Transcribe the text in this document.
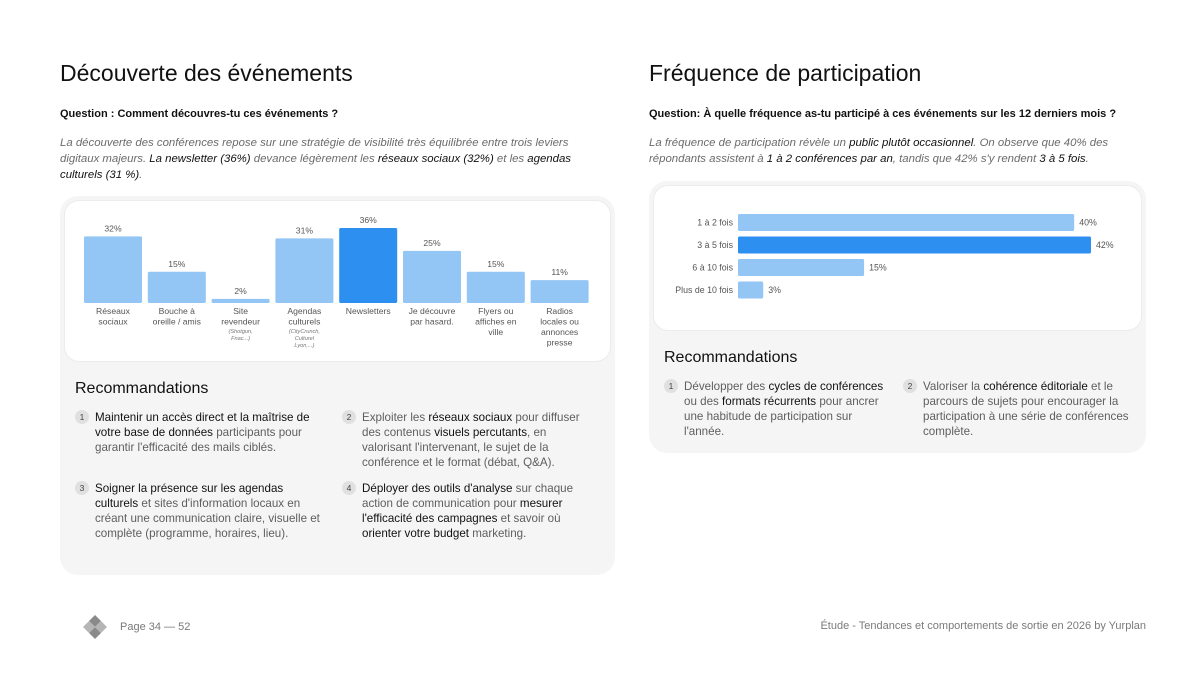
Découverte des événements

Question : Comment découvres-tu ces événements ?

La découverte des conférences repose sur une stratégie de visibilité très équilibrée entre trois leviers digitaux majeurs. La newsletter (36%) devance légèrement les réseaux sociaux (32%) et les agendas culturels (31 %).

32%
Réseaux
sociaux
15%
Bouche à
oreille / amis
2%
Site
revendeur
(Shotgun,
Fnac...)
31%
Agendas
culturels
(CityCrunch,
Culturel
Lyon,...)
36%
Newsletters
25%
Je découvre
par hasard.
15%
Flyers ou
affiches en
ville
11%
Radios
locales ou
annonces
presse

Recommandations

1 Maintenir un accès direct et la maîtrise de votre base de données participants pour garantir l'efficacité des mails ciblés.
2 Exploiter les réseaux sociaux pour diffuser des contenus visuels percutants, en valorisant l'intervenant, le sujet de la conférence et le format (débat, Q&A).
3 Soigner la présence sur les agendas culturels et sites d'information locaux en créant une communication claire, visuelle et complète (programme, horaires, lieu).
4 Déployer des outils d'analyse sur chaque action de communication pour mesurer l'efficacité des campagnes et savoir où orienter votre budget marketing.
Fréquence de participation

Question: À quelle fréquence as-tu participé à ces événements sur les 12 derniers mois ?

La fréquence de participation révèle un public plutôt occasionnel. On observe que 40% des répondants assistent à 1 à 2 conférences par an, tandis que 42% s'y rendent 3 à 5 fois.

1 à 2 fois	40%
3 à 5 fois	42%
6 à 10 fois	15%
Plus de 10 fois	3%

Recommandations

1 Développer des cycles de conférences ou des formats récurrents pour ancrer une habitude de participation sur l'année.
2 Valoriser la cohérence éditoriale et le parcours de sujets pour encourager la participation à une série de conférences complète.
Page 34 — 52	Étude - Tendances et comportements de sortie en 2026 by Yurplan
